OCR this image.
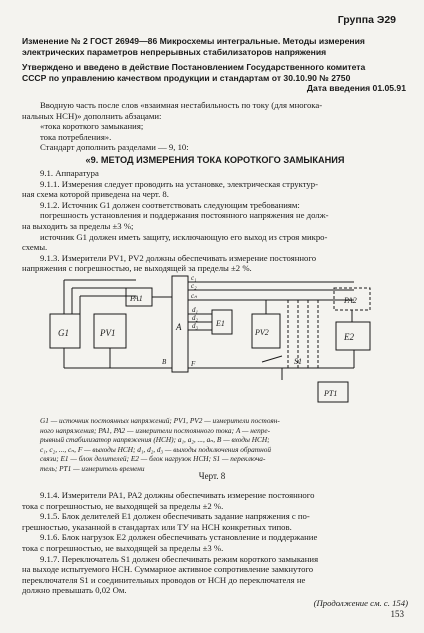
Группа Э29
Изменение № 2 ГОСТ 26949—86 Микросхемы интегральные. Методы измерения
электрических параметров непрерывных стабилизаторов напряжения
Утверждено и введено в действие Постановлением Государственного комитета
СССР по управлению качеством продукции и стандартам от 30.10.90 № 2750
Дата введения 01.05.91
Вводную часть после слов «взаимная нестабильность по току (для многока-
нальных НСН)» дополнить абзацами:
«тока короткого замыкания;
тока потребления».
Стандарт дополнить разделами — 9, 10:
«9. МЕТОД ИЗМЕРЕНИЯ ТОКА КОРОТКОГО ЗАМЫКАНИЯ
9.1. Аппаратура
9.1.1. Измерения следует проводить на установке, электрическая структур-
ная схема которой приведена на черт. 8.
9.1.2. Источник G1 должен соответствовать следующим требованиям:
погрешность установления и поддержания постоянного напряжения не долж-
на выходить за пределы ±3 %;
источник G1 должен иметь защиту, исключающую его выход из строя микро-
схемы.
9.1.3. Измерители PV1, PV2 должны обеспечивать измерение постоянного
напряжения с погрешностью, не выходящей за пределы ±2 %.
G1	PV1
PA1
A	E1
PV2
PA2
E2
S1
PT1
F
c₁
c₂
cₙ
d₁
d₂
d₃
B
G1 — источник постоянных напряжений; PV1, PV2 — измерители постоян-
ного напряжения; PA1, PA2 — измерители постоянного тока; A — непре-
рывный стабилизатор напряжения (НСН); a₁, a₂, ..., aₙ, B — входы НСН;
c₁, c₂, ..., cₙ, F — выходы НСН; d₁, d₂, d₃ — выходы подключения обратной
связи; E1 — блок делителей; E2 — блок нагрузок НСН; S1 — переключа-
тель; PT1 — измеритель времени
Черт. 8
9.1.4. Измерители PA1, PA2 должны обеспечивать измерение постоянного
тока с погрешностью, не выходящей за пределы ±2 %.
9.1.5. Блок делителей E1 должен обеспечивать задание напряжения с по-
грешностью, указанной в стандартах или ТУ на НСН конкретных типов.
9.1.6. Блок нагрузок E2 должен обеспечивать установление и поддержание
тока с погрешностью, не выходящей за пределы ±3 %.
9.1.7. Переключатель S1 должен обеспечивать режим короткого замыкания
на выходе испытуемого НСН. Суммарное активное сопротивление замкнутого
переключателя S1 и соединительных проводов от НСН до переключателя не
должно превышать 0,02 Ом.
(Продолжение см. с. 154)
153
